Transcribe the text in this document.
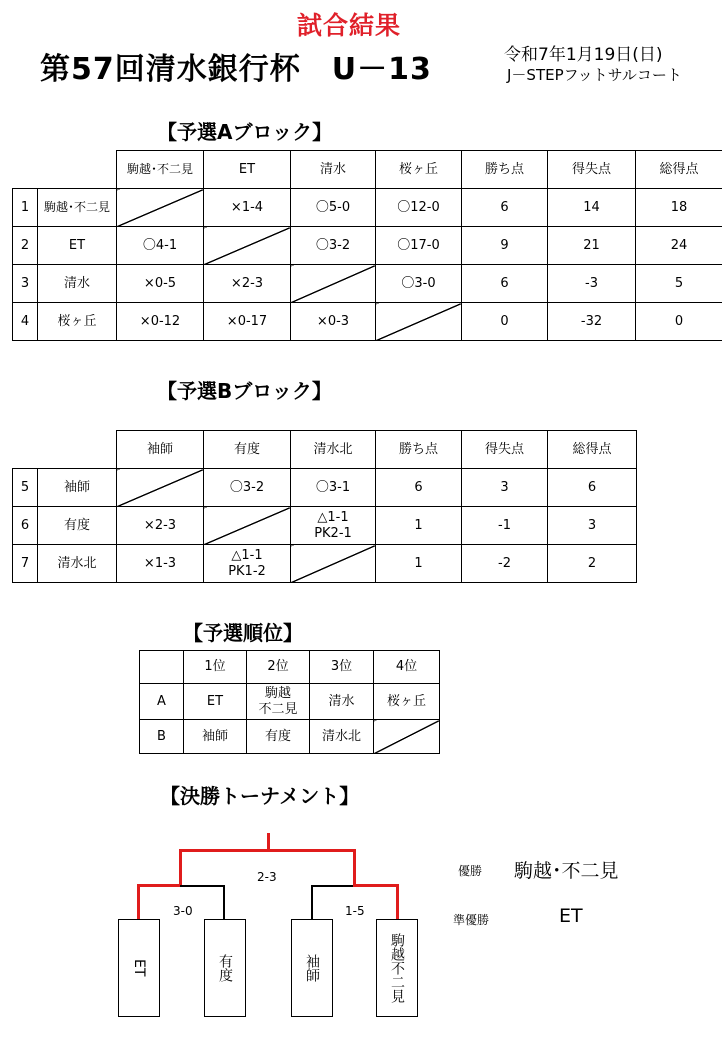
試合結果
第57回清水銀行杯　U－13	令和7年1月19日(日)
J－STEPフットサルコート
【予選Aブロック】
		駒越･不二見	ET	清水	桜ヶ丘	勝ち点	得失点	総得点
1	駒越･不二見		×1-4	〇5-0	〇12-0	6	14	18
2	ET	〇4-1		〇3-2	〇17-0	9	21	24
3	清水	×0-5	×2-3		〇3-0	6	-3	5
4	桜ヶ丘	×0-12	×0-17	×0-3		0	-32	0
【予選Bブロック】
		袖師	有度	清水北	勝ち点	得失点	総得点
5	袖師		〇3-2	〇3-1	6	3	6
6	有度	×2-3		△1-1
PK2-1	1	-1	3
7	清水北	×1-3	△1-1
PK1-2		1	-2	2
【予選順位】
	1位	2位	3位	4位
A	ET	駒越
不二見	清水	桜ヶ丘
B	袖師	有度	清水北	
【決勝トーナメント】
2-3
3-0	1-5
ET	有度	袖師	駒越不二見
優勝 駒越･不二見
準優勝	ET
